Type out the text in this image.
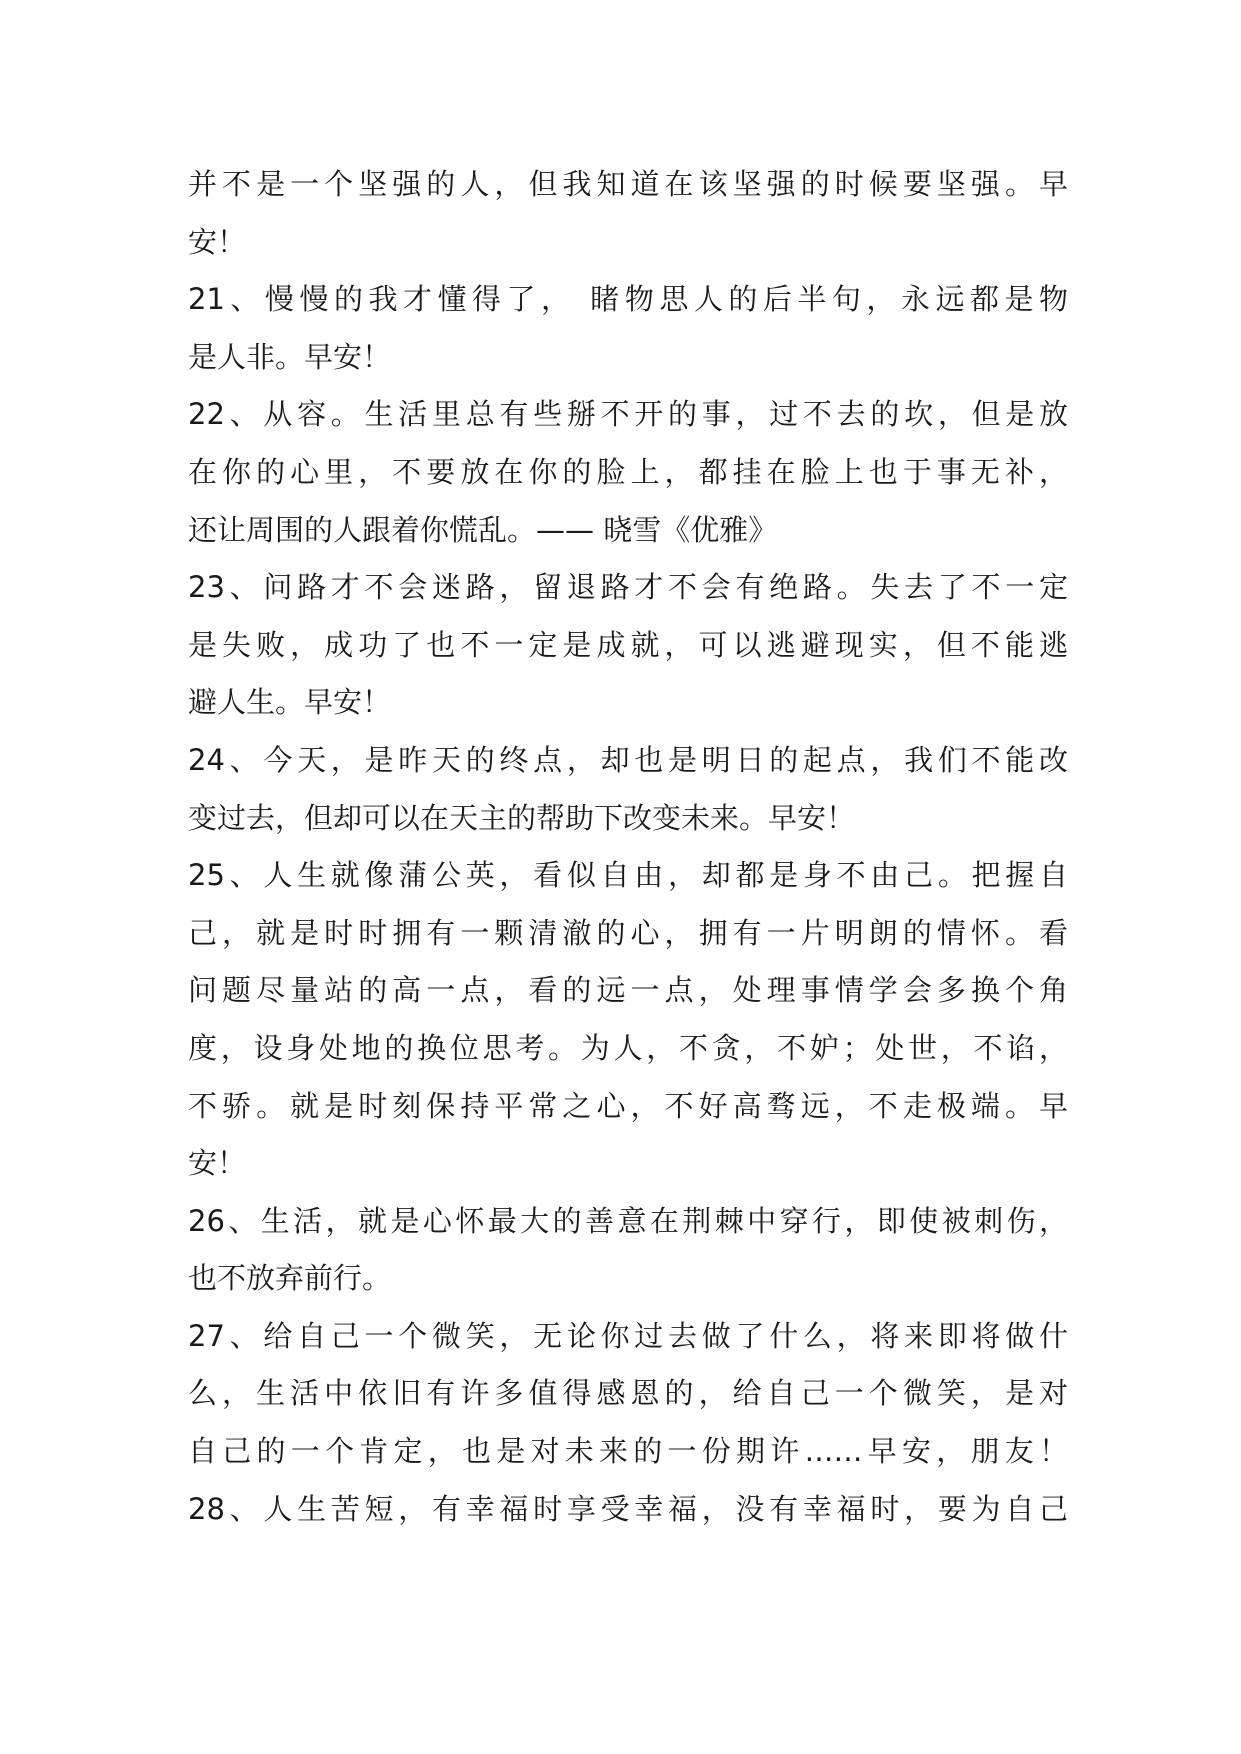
并不是一个坚强的人，但我知道在该坚强的时候要坚强。早
安！
21、慢慢的我才懂得了， 睹物思人的后半句，永远都是物
是人非。早安！
22、从容。生活里总有些掰不开的事，过不去的坎，但是放
在你的心里，不要放在你的脸上，都挂在脸上也于事无补，
还让周围的人跟着你慌乱。—— 晓雪《优雅》
23、问路才不会迷路，留退路才不会有绝路。失去了不一定
是失败，成功了也不一定是成就，可以逃避现实，但不能逃
避人生。早安！
24、今天，是昨天的终点，却也是明日的起点，我们不能改
变过去，但却可以在天主的帮助下改变未来。早安！
25、人生就像蒲公英，看似自由，却都是身不由己。把握自
己，就是时时拥有一颗清澈的心，拥有一片明朗的情怀。看
问题尽量站的高一点，看的远一点，处理事情学会多换个角
度，设身处地的换位思考。为人，不贪，不妒；处世，不谄，
不骄。就是时刻保持平常之心，不好高骛远，不走极端。早
安！
26、生活，就是心怀最大的善意在荆棘中穿行，即使被刺伤，
也不放弃前行。
27、给自己一个微笑，无论你过去做了什么，将来即将做什
么，生活中依旧有许多值得感恩的，给自己一个微笑，是对
自己的一个肯定，也是对未来的一份期许……早安，朋友！
28、人生苦短，有幸福时享受幸福，没有幸福时，要为自己
